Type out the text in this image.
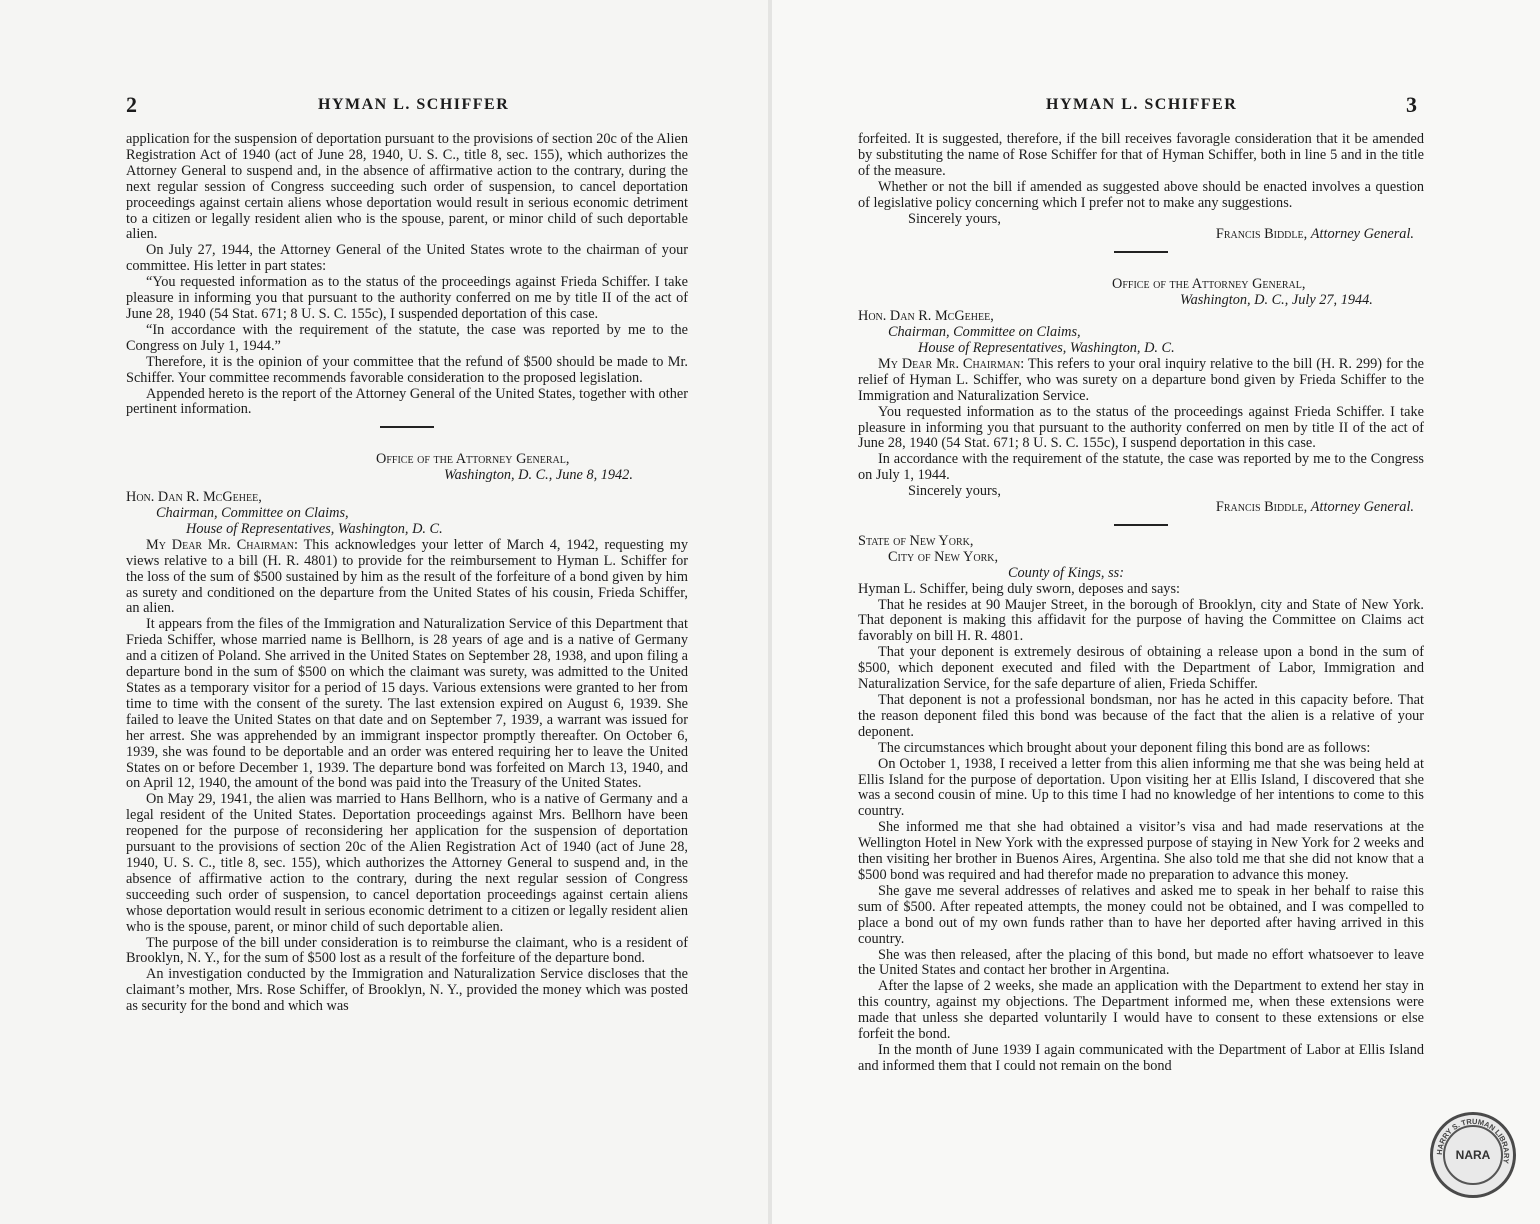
2	HYMAN L. SCHIFFER

application for the suspension of deportation pursuant to the provisions of section 20c of the Alien Registration Act of 1940 (act of June 28, 1940, U. S. C., title 8, sec. 155), which authorizes the Attorney General to suspend and, in the absence of affirmative action to the contrary, during the next regular session of Congress succeeding such order of suspension, to cancel deportation proceedings against certain aliens whose deportation would result in serious economic detriment to a citizen or legally resident alien who is the spouse, parent, or minor child of such deportable alien.

On July 27, 1944, the Attorney General of the United States wrote to the chairman of your committee. His letter in part states:

“You requested information as to the status of the proceedings against Frieda Schiffer. I take pleasure in informing you that pursuant to the authority conferred on me by title II of the act of June 28, 1940 (54 Stat. 671; 8 U. S. C. 155c), I suspended deportation of this case.

“In accordance with the requirement of the statute, the case was reported by me to the Congress on July 1, 1944.”

Therefore, it is the opinion of your committee that the refund of $500 should be made to Mr. Schiffer. Your committee recommends favorable consideration to the proposed legislation.

Appended hereto is the report of the Attorney General of the United States, together with other pertinent information.

Office of the Attorney General,
Washington, D. C., June 8, 1942.
Hon. Dan R. McGehee,
Chairman, Committee on Claims,
House of Representatives, Washington, D. C.

My Dear Mr. Chairman: This acknowledges your letter of March 4, 1942, requesting my views relative to a bill (H. R. 4801) to provide for the reimbursement to Hyman L. Schiffer for the loss of the sum of $500 sustained by him as the result of the forfeiture of a bond given by him as surety and conditioned on the departure from the United States of his cousin, Frieda Schiffer, an alien.

It appears from the files of the Immigration and Naturalization Service of this Department that Frieda Schiffer, whose married name is Bellhorn, is 28 years of age and is a native of Germany and a citizen of Poland. She arrived in the United States on September 28, 1938, and upon filing a departure bond in the sum of $500 on which the claimant was surety, was admitted to the United States as a temporary visitor for a period of 15 days. Various extensions were granted to her from time to time with the consent of the surety. The last extension expired on August 6, 1939. She failed to leave the United States on that date and on September 7, 1939, a warrant was issued for her arrest. She was apprehended by an immigrant inspector promptly thereafter. On October 6, 1939, she was found to be deportable and an order was entered requiring her to leave the United States on or before December 1, 1939. The departure bond was forfeited on March 13, 1940, and on April 12, 1940, the amount of the bond was paid into the Treasury of the United States.

On May 29, 1941, the alien was married to Hans Bellhorn, who is a native of Germany and a legal resident of the United States. Deportation proceedings against Mrs. Bellhorn have been reopened for the purpose of reconsidering her application for the suspension of deportation pursuant to the provisions of section 20c of the Alien Registration Act of 1940 (act of June 28, 1940, U. S. C., title 8, sec. 155), which authorizes the Attorney General to suspend and, in the absence of affirmative action to the contrary, during the next regular session of Congress succeeding such order of suspension, to cancel deportation proceedings against certain aliens whose deportation would result in serious economic detriment to a citizen or legally resident alien who is the spouse, parent, or minor child of such deportable alien.

The purpose of the bill under consideration is to reimburse the claimant, who is a resident of Brooklyn, N. Y., for the sum of $500 lost as a result of the forfeiture of the departure bond.

An investigation conducted by the Immigration and Naturalization Service discloses that the claimant’s mother, Mrs. Rose Schiffer, of Brooklyn, N. Y., provided the money which was posted as security for the bond and which was

HYMAN L. SCHIFFER	3

forfeited. It is suggested, therefore, if the bill receives favoragle consideration that it be amended by substituting the name of Rose Schiffer for that of Hyman Schiffer, both in line 5 and in the title of the measure.

Whether or not the bill if amended as suggested above should be enacted involves a question of legislative policy concerning which I prefer not to make any suggestions.

Sincerely yours,
Francis Biddle, Attorney General.
Office of the Attorney General,
Washington, D. C., July 27, 1944.
Hon. Dan R. McGehee,
Chairman, Committee on Claims,
House of Representatives, Washington, D. C.

My Dear Mr. Chairman: This refers to your oral inquiry relative to the bill (H. R. 299) for the relief of Hyman L. Schiffer, who was surety on a departure bond given by Frieda Schiffer to the Immigration and Naturalization Service.

You requested information as to the status of the proceedings against Frieda Schiffer. I take pleasure in informing you that pursuant to the authority conferred on men by title II of the act of June 28, 1940 (54 Stat. 671; 8 U. S. C. 155c), I suspend deportation in this case.

In accordance with the requirement of the statute, the case was reported by me to the Congress on July 1, 1944.

Sincerely yours,
Francis Biddle, Attorney General.
State of New York,
City of New York,
County of Kings, ss:

Hyman L. Schiffer, being duly sworn, deposes and says:

That he resides at 90 Maujer Street, in the borough of Brooklyn, city and State of New York. That deponent is making this affidavit for the purpose of having the Committee on Claims act favorably on bill H. R. 4801.

That your deponent is extremely desirous of obtaining a release upon a bond in the sum of $500, which deponent executed and filed with the Department of Labor, Immigration and Naturalization Service, for the safe departure of alien, Frieda Schiffer.

That deponent is not a professional bondsman, nor has he acted in this capacity before. That the reason deponent filed this bond was because of the fact that the alien is a relative of your deponent.

The circumstances which brought about your deponent filing this bond are as follows:

On October 1, 1938, I received a letter from this alien informing me that she was being held at Ellis Island for the purpose of deportation. Upon visiting her at Ellis Island, I discovered that she was a second cousin of mine. Up to this time I had no knowledge of her intentions to come to this country.

She informed me that she had obtained a visitor’s visa and had made reservations at the Wellington Hotel in New York with the expressed purpose of staying in New York for 2 weeks and then visiting her brother in Buenos Aires, Argentina. She also told me that she did not know that a $500 bond was required and had therefor made no preparation to advance this money.

She gave me several addresses of relatives and asked me to speak in her behalf to raise this sum of $500. After repeated attempts, the money could not be obtained, and I was compelled to place a bond out of my own funds rather than to have her deported after having arrived in this country.

She was then released, after the placing of this bond, but made no effort whatsoever to leave the United States and contact her brother in Argentina.

After the lapse of 2 weeks, she made an application with the Department to extend her stay in this country, against my objections. The Department informed me, when these extensions were made that unless she departed voluntarily I would have to consent to these extensions or else forfeit the bond.

In the month of June 1939 I again communicated with the Department of Labor at Ellis Island and informed them that I could not remain on the bond

HARRY S. TRUMAN LIBRARY
NARA
